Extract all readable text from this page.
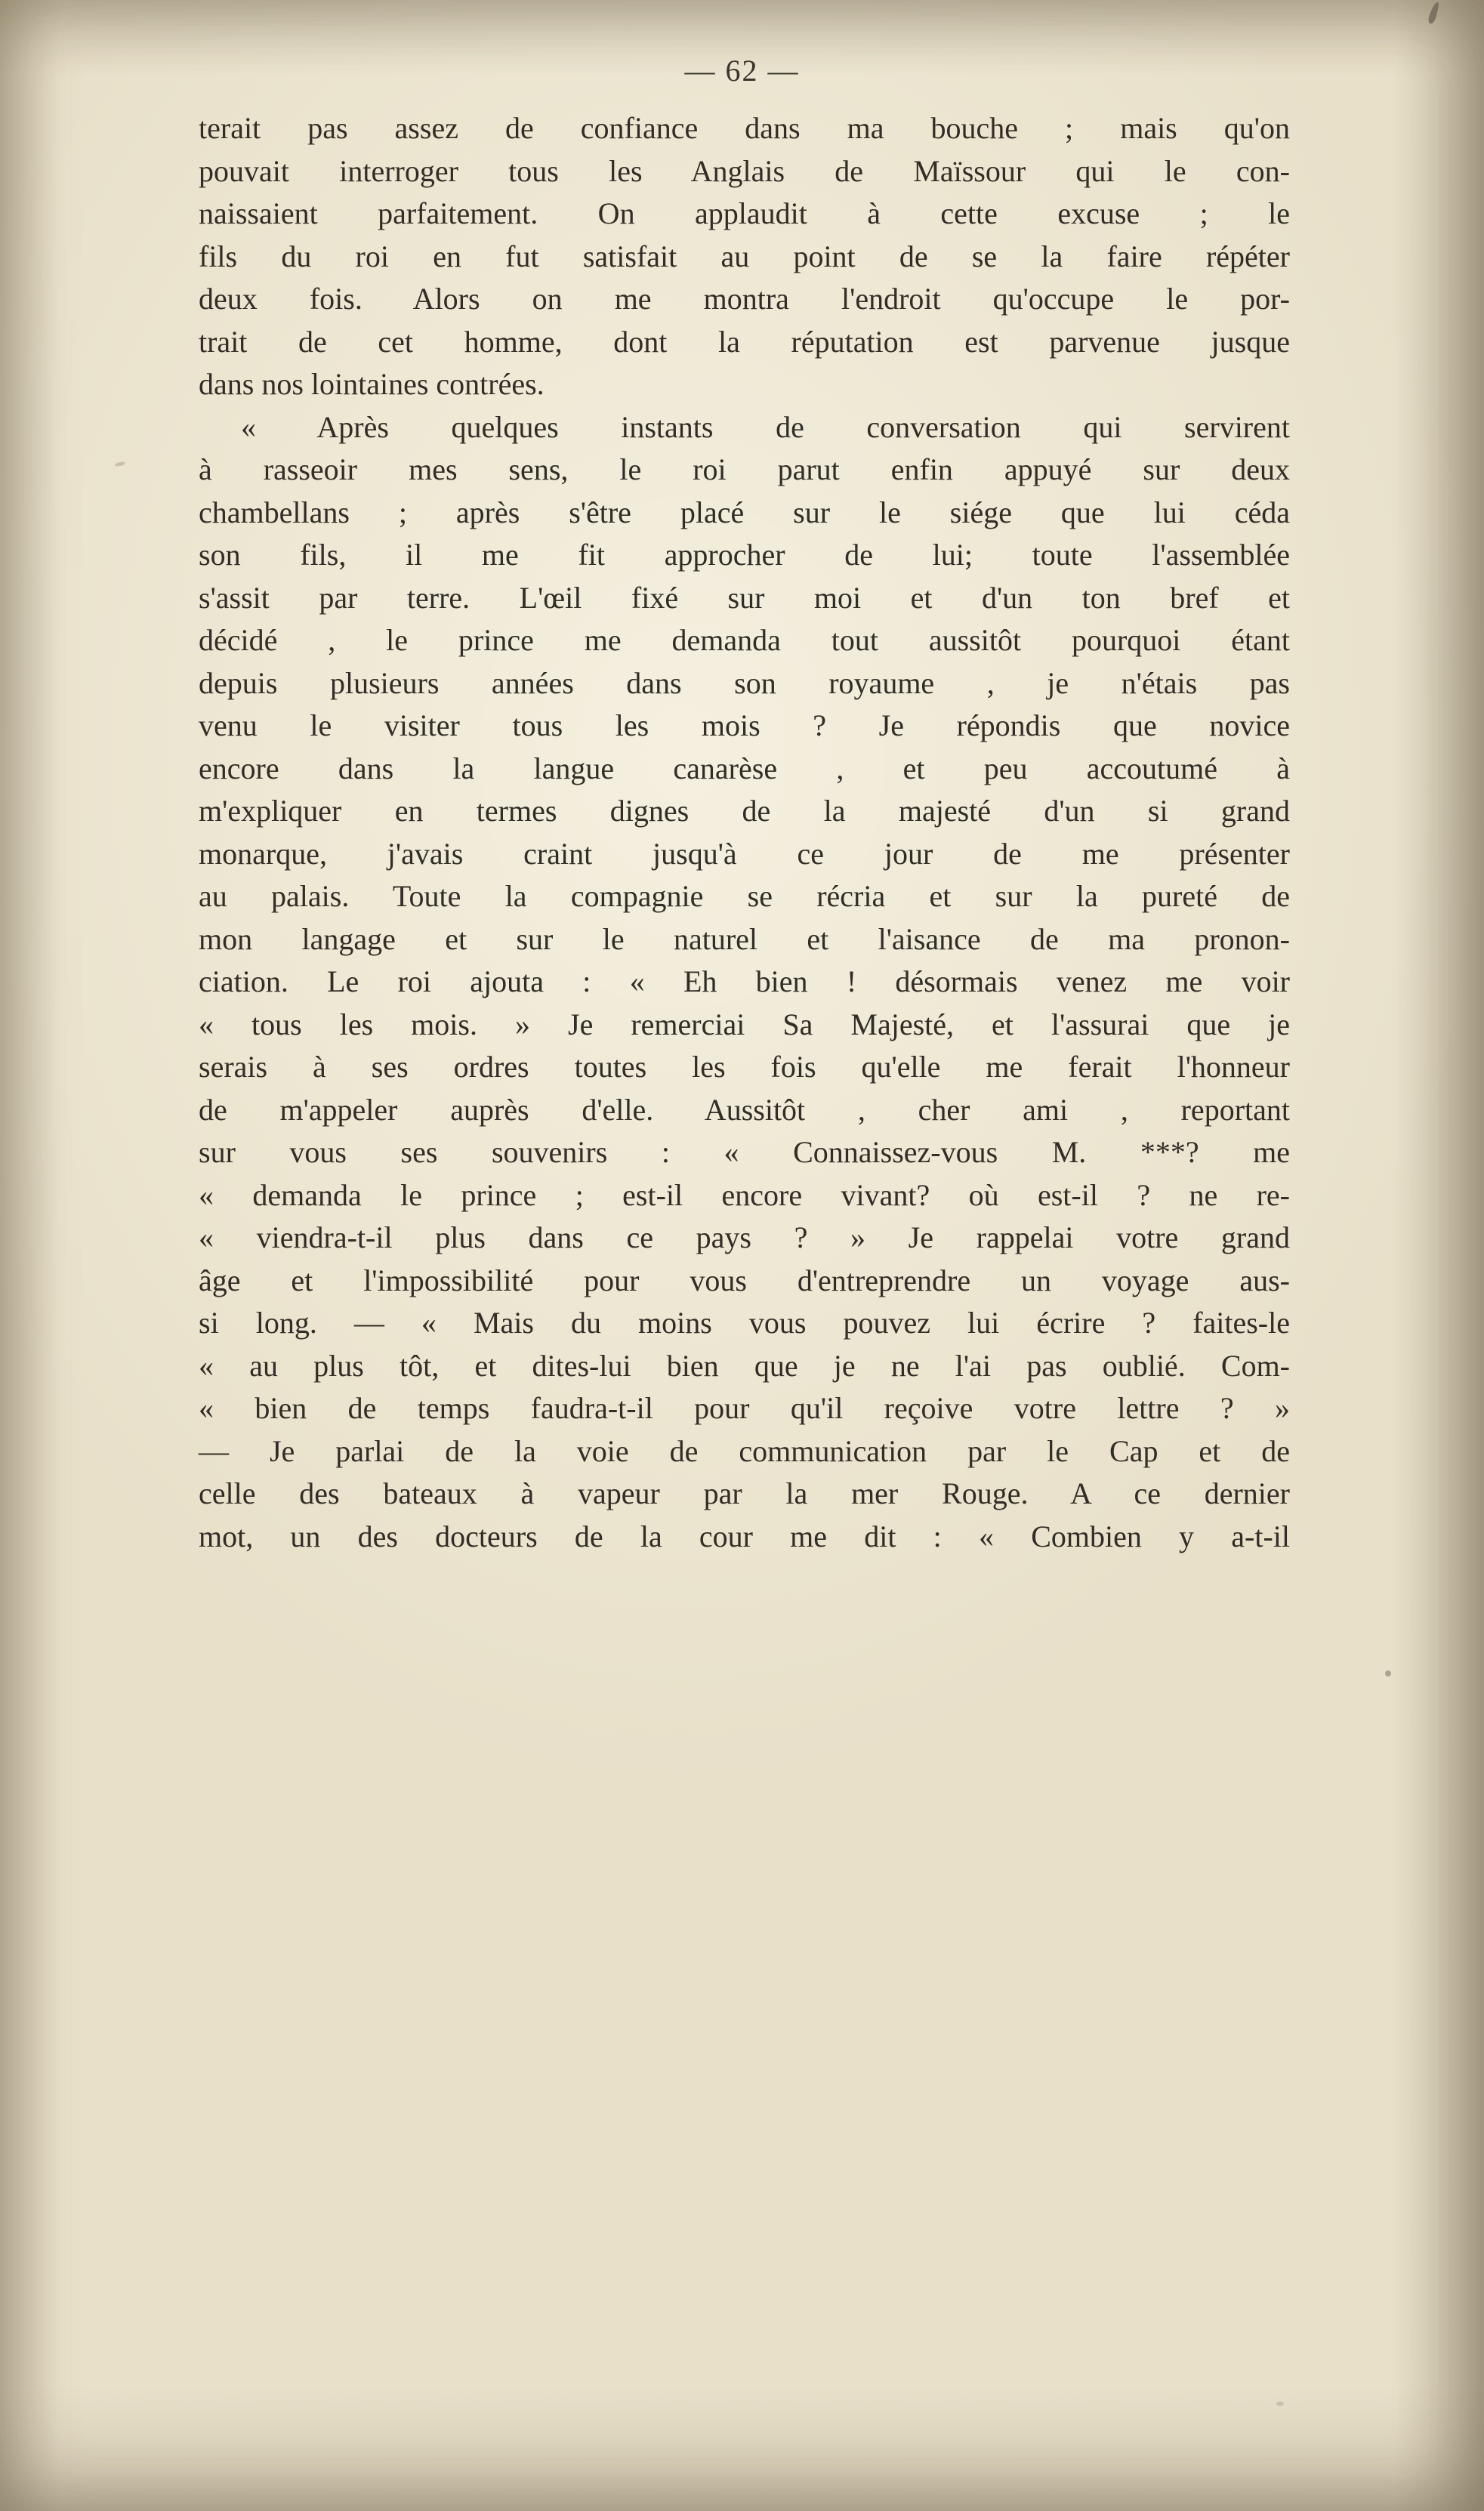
— 62 —
terait pas assez de confiance dans ma bouche ; mais qu'on
pouvait interroger tous les Anglais de Maïssour qui le con-
naissaient parfaitement. On applaudit à cette excuse ; le
fils du roi en fut satisfait au point de se la faire répéter
deux fois. Alors on me montra l'endroit qu'occupe le por-
trait de cet homme, dont la réputation est parvenue jusque
dans nos lointaines contrées.
« Après quelques instants de conversation qui servirent
à rasseoir mes sens, le roi parut enfin appuyé sur deux
chambellans ; après s'être placé sur le siége que lui céda
son fils, il me fit approcher de lui; toute l'assemblée
s'assit par terre. L'œil fixé sur moi et d'un ton bref et
décidé , le prince me demanda tout aussitôt pourquoi étant
depuis plusieurs années dans son royaume , je n'étais pas
venu le visiter tous les mois ? Je répondis que novice
encore dans la langue canarèse , et peu accoutumé à
m'expliquer en termes dignes de la majesté d'un si grand
monarque, j'avais craint jusqu'à ce jour de me présenter
au palais. Toute la compagnie se récria et sur la pureté de
mon langage et sur le naturel et l'aisance de ma pronon-
ciation. Le roi ajouta : « Eh bien ! désormais venez me voir
« tous les mois. » Je remerciai Sa Majesté, et l'assurai que je
serais à ses ordres toutes les fois qu'elle me ferait l'honneur
de m'appeler auprès d'elle. Aussitôt , cher ami , reportant
sur vous ses souvenirs : « Connaissez-vous M. ***? me
« demanda le prince ; est-il encore vivant? où est-il ? ne re-
« viendra-t-il plus dans ce pays ? » Je rappelai votre grand
âge et l'impossibilité pour vous d'entreprendre un voyage aus-
si long. — « Mais du moins vous pouvez lui écrire ? faites-le
« au plus tôt, et dites-lui bien que je ne l'ai pas oublié. Com-
« bien de temps faudra-t-il pour qu'il reçoive votre lettre ? »
— Je parlai de la voie de communication par le Cap et de
celle des bateaux à vapeur par la mer Rouge. A ce dernier
mot, un des docteurs de la cour me dit : « Combien y a-t-il
